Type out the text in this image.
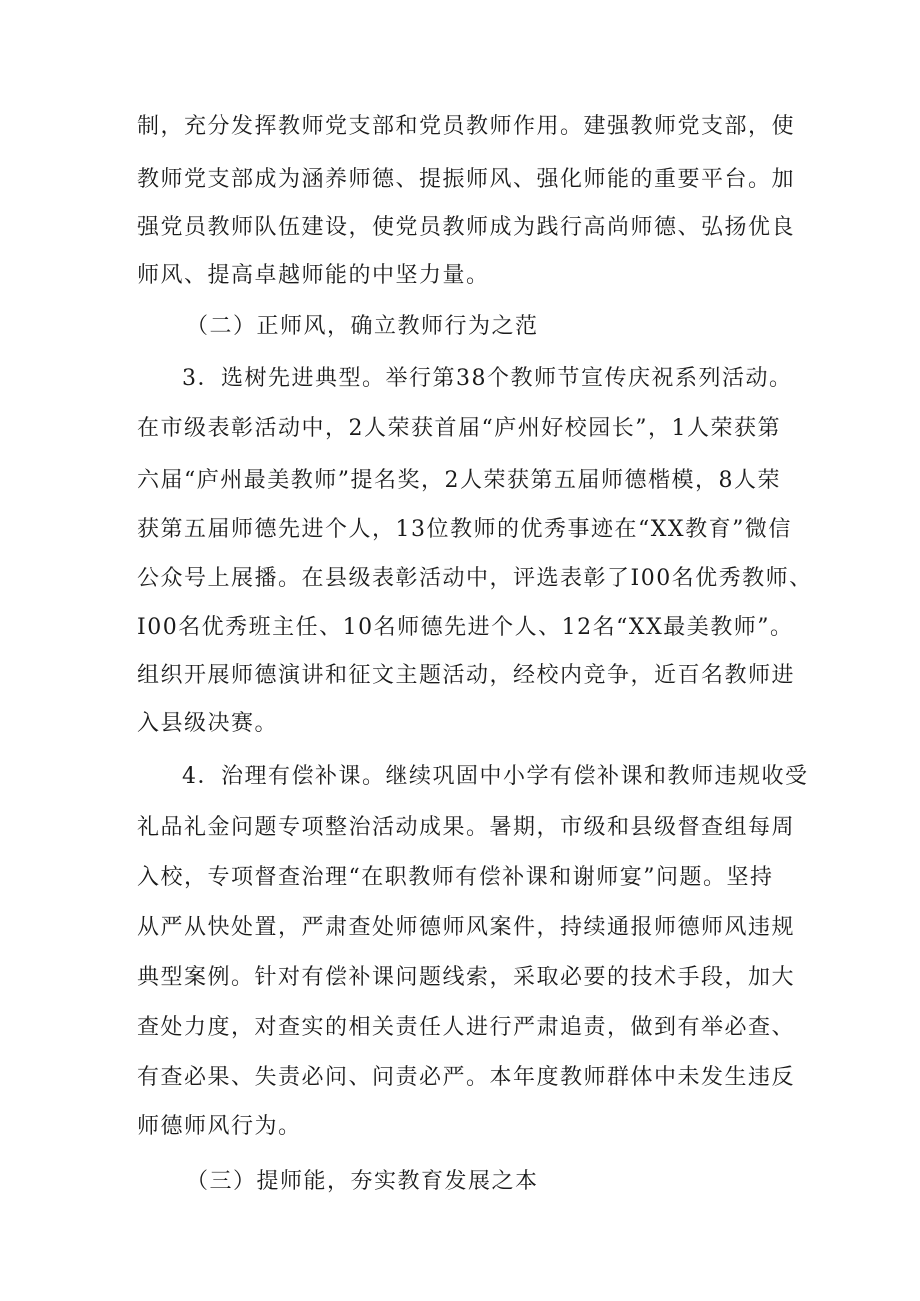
制，充分发挥教师党支部和党员教师作用。建强教师党支部，使
教师党支部成为涵养师德、提振师风、强化师能的重要平台。加
强党员教师队伍建设，使党员教师成为践行高尚师德、弘扬优良
师风、提高卓越师能的中坚力量。
（二）正师风，确立教师行为之范
3．选树先进典型。举行第38个教师节宣传庆祝系列活动。
在市级表彰活动中，2人荣获首届“庐州好校园长”，1人荣获第
六届“庐州最美教师”提名奖，2人荣获第五届师德楷模，8人荣
获第五届师德先进个人，13位教师的优秀事迹在“XX教育”微信
公众号上展播。在县级表彰活动中，评选表彰了I00名优秀教师、
I00名优秀班主任、10名师德先进个人、12名“XX最美教师”。
组织开展师德演讲和征文主题活动，经校内竞争，近百名教师进
入县级决赛。
4．治理有偿补课。继续巩固中小学有偿补课和教师违规收受
礼品礼金问题专项整治活动成果。暑期，市级和县级督查组每周
入校，专项督查治理“在职教师有偿补课和谢师宴”问题。坚持
从严从快处置，严肃查处师德师风案件，持续通报师德师风违规
典型案例。针对有偿补课问题线索，采取必要的技术手段，加大
查处力度，对查实的相关责任人进行严肃追责，做到有举必查、
有查必果、失责必问、问责必严。本年度教师群体中未发生违反
师德师风行为。
（三）提师能，夯实教育发展之本
